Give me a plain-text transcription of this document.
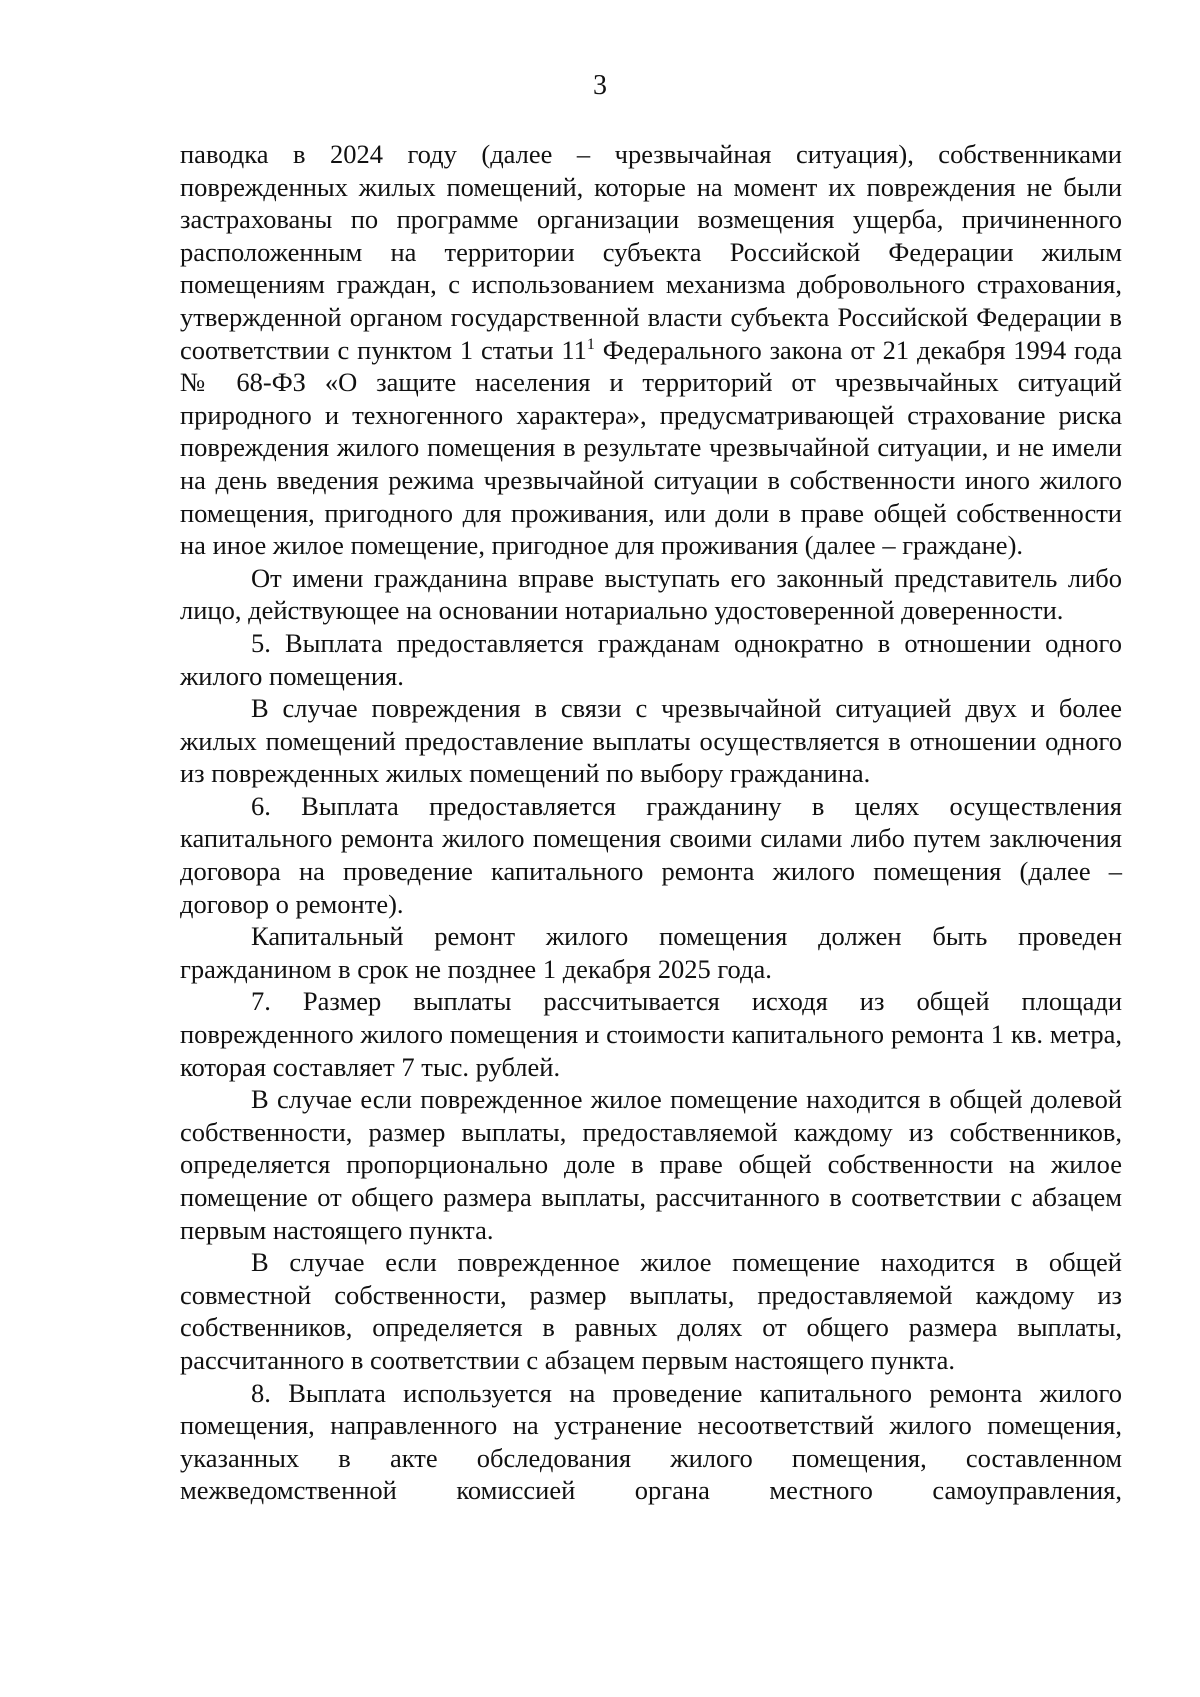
3

паводка в 2024 году (далее – чрезвычайная ситуация), собственниками поврежденных жилых помещений, которые на момент их повреждения не были застрахованы по программе организации возмещения ущерба, причиненного расположенным на территории субъекта Российской Федерации жилым помещениям граждан, с использованием механизма добровольного страхования, утвержденной органом государственной власти субъекта Российской Федерации в соответствии с пунктом 1 статьи $11^1$ Федерального закона от 21 декабря 1994 года № 68-ФЗ «О защите населения и территорий от чрезвычайных ситуаций природного и техногенного характера», предусматривающей страхование риска повреждения жилого помещения в результате чрезвычайной ситуации, и не имели на день введения режима чрезвычайной ситуации в собственности иного жилого помещения, пригодного для проживания, или доли в праве общей собственности на иное жилое помещение, пригодное для проживания (далее – граждане).

От имени гражданина вправе выступать его законный представитель либо лицо, действующее на основании нотариально удостоверенной доверенности.

5. Выплата предоставляется гражданам однократно в отношении одного жилого помещения.

В случае повреждения в связи с чрезвычайной ситуацией двух и более жилых помещений предоставление выплаты осуществляется в отношении одного из поврежденных жилых помещений по выбору гражданина.

6. Выплата предоставляется гражданину в целях осуществления капитального ремонта жилого помещения своими силами либо путем заключения договора на проведение капитального ремонта жилого помещения (далее – договор о ремонте).

Капитальный ремонт жилого помещения должен быть проведен гражданином в срок не позднее 1 декабря 2025 года.

7. Размер выплаты рассчитывается исходя из общей площади поврежденного жилого помещения и стоимости капитального ремонта 1 кв. метра, которая составляет 7 тыс. рублей.

В случае если поврежденное жилое помещение находится в общей долевой собственности, размер выплаты, предоставляемой каждому из собственников, определяется пропорционально доле в праве общей собственности на жилое помещение от общего размера выплаты, рассчитанного в соответствии с абзацем первым настоящего пункта.

В случае если поврежденное жилое помещение находится в общей совместной собственности, размер выплаты, предоставляемой каждому из собственников, определяется в равных долях от общего размера выплаты, рассчитанного в соответствии с абзацем первым настоящего пункта.

8. Выплата используется на проведение капитального ремонта жилого помещения, направленного на устранение несоответствий жилого помещения, указанных в акте обследования жилого помещения, составленном межведомственной комиссией органа местного самоуправления,
